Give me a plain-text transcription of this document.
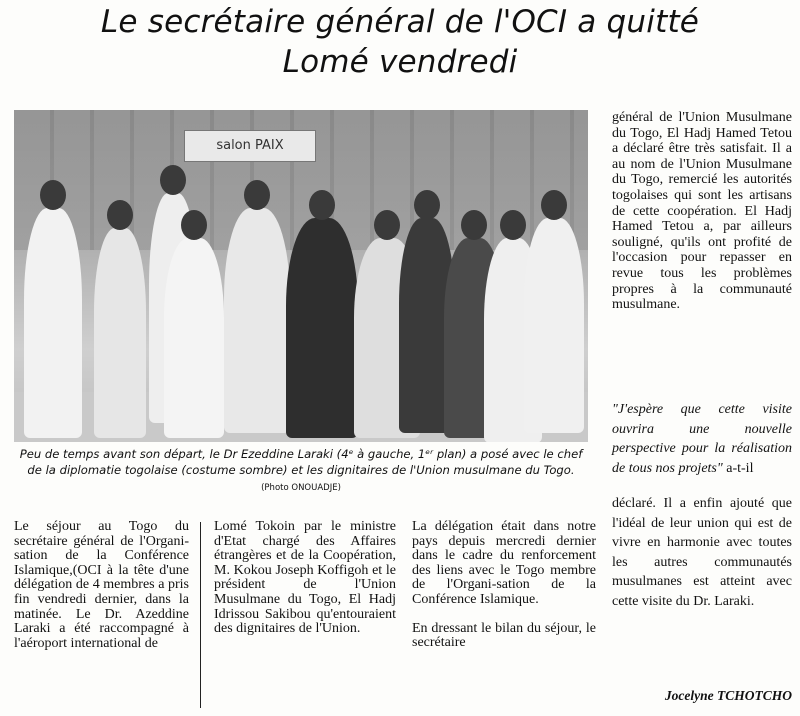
Le secrétaire général de l'OCI a quitté
Lomé vendredi
salon PAIX
Peu de temps avant son départ, le Dr Ezeddine Laraki (4ᵉ à gauche, 1ᵉʳ plan) a posé avec le chef de la diplomatie togolaise (costume sombre) et les dignitaires de l'Union musulmane du Togo. (Photo ONOUADJE)

Le séjour au Togo du secrétaire général de l'Organi-sation de la Conférence Islamique,(OCI à la tête d'une délégation de 4 membres a pris fin vendredi dernier, dans la matinée. Le Dr. Azeddine Laraki a été raccompagné à l'aéroport international de

Lomé Tokoin par le ministre d'Etat chargé des Affaires étrangères et de la Coopération, M. Kokou Joseph Koffigoh et le président de l'Union Musulmane du Togo, El Hadj Idrissou Sakibou qu'entouraient des dignitaires de l'Union.

La délégation était dans notre pays depuis mercredi dernier dans le cadre du renforcement des liens avec le Togo membre de l'Organi-sation de la Conférence Islamique.

En dressant le bilan du séjour, le secrétaire

général de l'Union Musulmane du Togo, El Hadj Hamed Tetou a déclaré être très satisfait. Il a au nom de l'Union Musulmane du Togo, remercié les autorités togolaises qui sont les artisans de cette coopération. El Hadj Hamed Tetou a, par ailleurs souligné, qu'ils ont profité de l'occasion pour repasser en revue tous les problèmes propres à la communauté musulmane.

"J'espère que cette visite ouvrira une nouvelle perspective pour la réalisation de tous nos projets" a-t-il

déclaré. Il a enfin ajouté que l'idéal de leur union qui est de vivre en harmonie avec toutes les autres communautés musulmanes est atteint avec cette visite du Dr. Laraki.

Jocelyne TCHOTCHO
